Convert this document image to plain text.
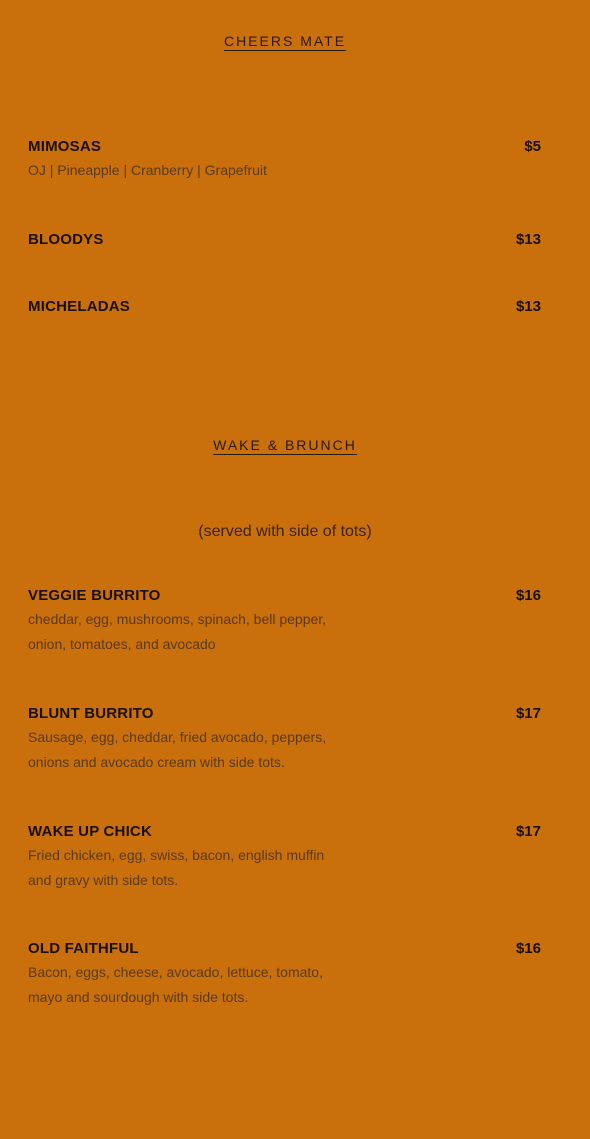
CHEERS MATE
MIMOSAS	$5
OJ | Pineapple | Cranberry | Grapefruit
BLOODYS	$13
MICHELADAS	$13
WAKE & BRUNCH
(served with side of tots)
VEGGIE BURRITO	$16
cheddar, egg, mushrooms, spinach, bell pepper, onion, tomatoes, and avocado
BLUNT BURRITO	$17
Sausage, egg, cheddar, fried avocado, peppers, onions and avocado cream with side tots.
WAKE UP CHICK	$17
Fried chicken, egg, swiss, bacon, english muffin and gravy with side tots.
OLD FAITHFUL	$16
Bacon, eggs, cheese, avocado, lettuce, tomato, mayo and sourdough with side tots.
